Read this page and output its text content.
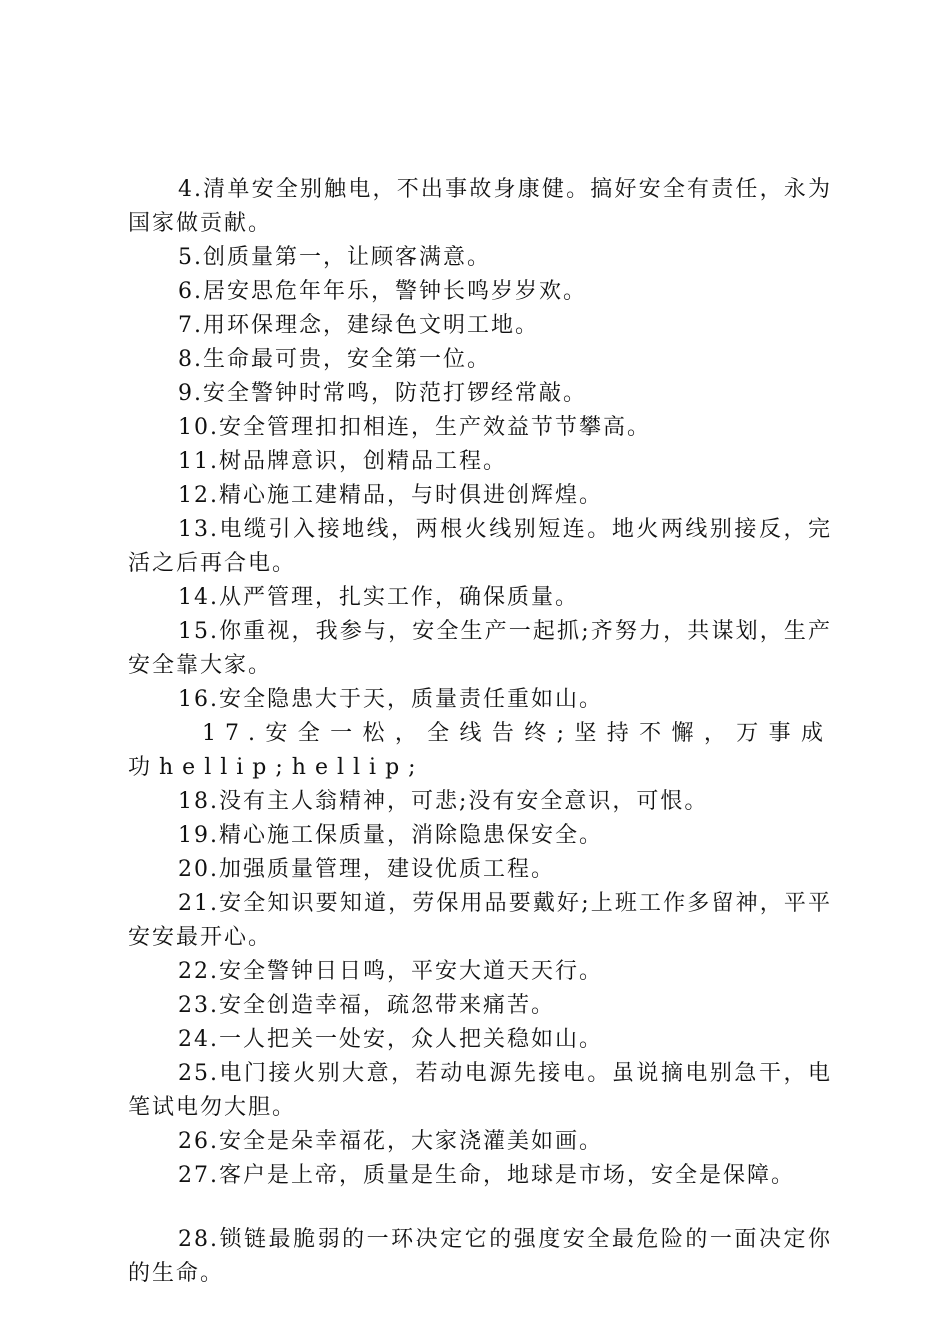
4.清单安全别触电，不出事故身康健。搞好安全有责任，永为国家做贡献。

5.创质量第一，让顾客满意。

6.居安思危年年乐，警钟长鸣岁岁欢。

7.用环保理念，建绿色文明工地。

8.生命最可贵，安全第一位。

9.安全警钟时常鸣，防范打锣经常敲。

10.安全管理扣扣相连，生产效益节节攀高。

11.树品牌意识，创精品工程。

12.精心施工建精品，与时俱进创辉煌。

13.电缆引入接地线，两根火线别短连。地火两线别接反，完活之后再合电。

14.从严管理，扎实工作，确保质量。

15.你重视，我参与，安全生产一起抓;齐努力，共谋划，生产安全靠大家。

16.安全隐患大于天，质量责任重如山。

17.安全一松，全线告终;坚持不懈，万事成功hellip;hellip;

18.没有主人翁精神，可悲;没有安全意识，可恨。

19.精心施工保质量，消除隐患保安全。

20.加强质量管理，建设优质工程。

21.安全知识要知道，劳保用品要戴好;上班工作多留神，平平安安最开心。

22.安全警钟日日鸣，平安大道天天行。

23.安全创造幸福，疏忽带来痛苦。

24.一人把关一处安，众人把关稳如山。

25.电门接火别大意，若动电源先接电。虽说摘电别急干，电笔试电勿大胆。

26.安全是朵幸福花，大家浇灌美如画。

27.客户是上帝，质量是生命，地球是市场，安全是保障。

28.锁链最脆弱的一环决定它的强度安全最危险的一面决定你的生命。
